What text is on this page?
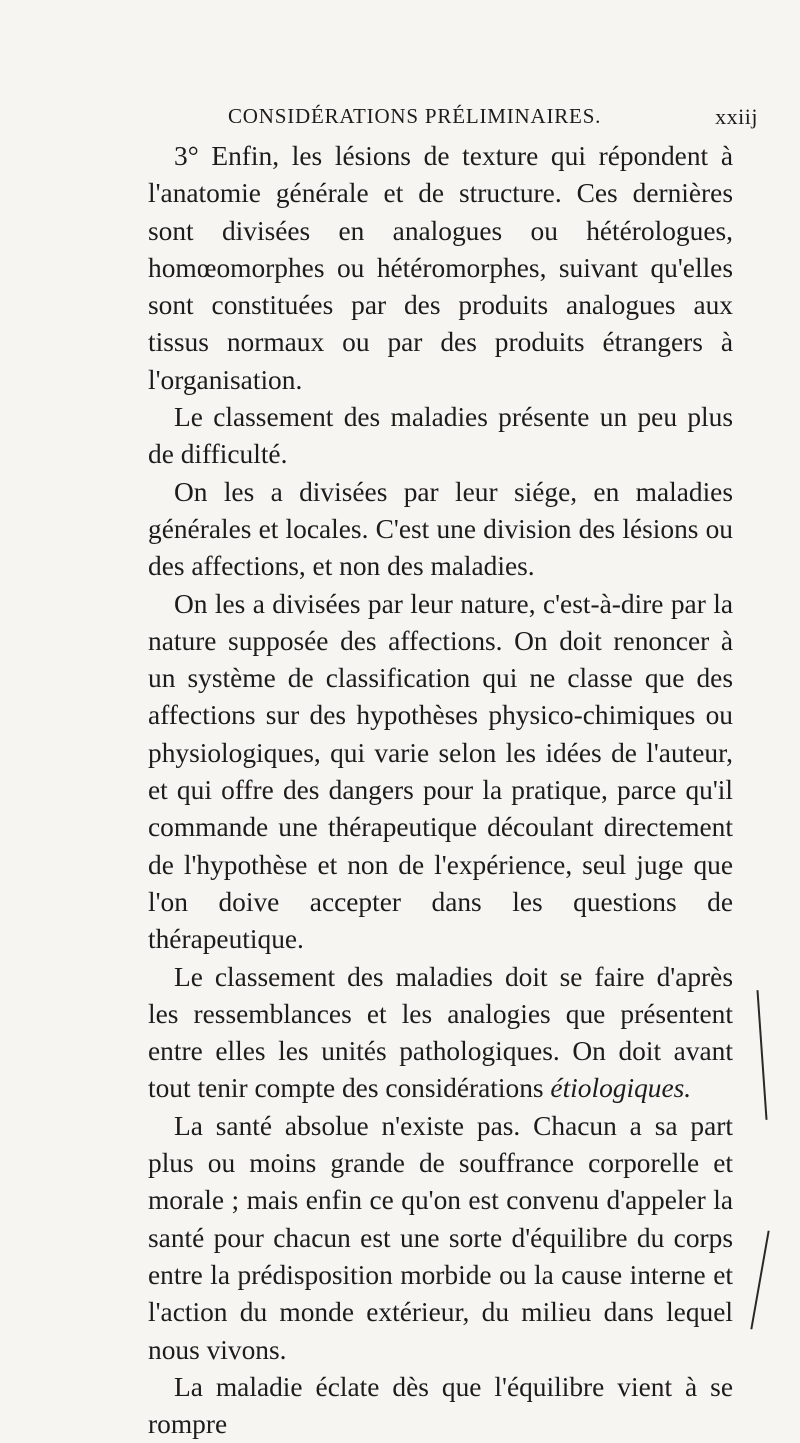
CONSIDÉRATIONS PRÉLIMINAIRES.	xxiij

3° Enfin, les lésions de texture qui répondent à l'anatomie générale et de structure. Ces dernières sont divisées en analogues ou hétérologues, homœomorphes ou hétéromorphes, suivant qu'elles sont constituées par des produits analogues aux tissus normaux ou par des produits étrangers à l'organisation.

Le classement des maladies présente un peu plus de difficulté.

On les a divisées par leur siége, en maladies générales et locales. C'est une division des lésions ou des affections, et non des maladies.

On les a divisées par leur nature, c'est-à-dire par la nature supposée des affections. On doit renoncer à un système de classification qui ne classe que des affections sur des hypothèses physico-chimiques ou physiologiques, qui varie selon les idées de l'auteur, et qui offre des dangers pour la pratique, parce qu'il commande une thérapeutique découlant directement de l'hypothèse et non de l'expérience, seul juge que l'on doive accepter dans les questions de thérapeutique.

Le classement des maladies doit se faire d'après les ressemblances et les analogies que présentent entre elles les unités pathologiques. On doit avant tout tenir compte des considérations étiologiques.

La santé absolue n'existe pas. Chacun a sa part plus ou moins grande de souffrance corporelle et morale ; mais enfin ce qu'on est convenu d'appeler la santé pour chacun est une sorte d'équilibre du corps entre la prédisposition morbide ou la cause interne et l'action du monde extérieur, du milieu dans lequel nous vivons.

La maladie éclate dès que l'équilibre vient à se rompre
